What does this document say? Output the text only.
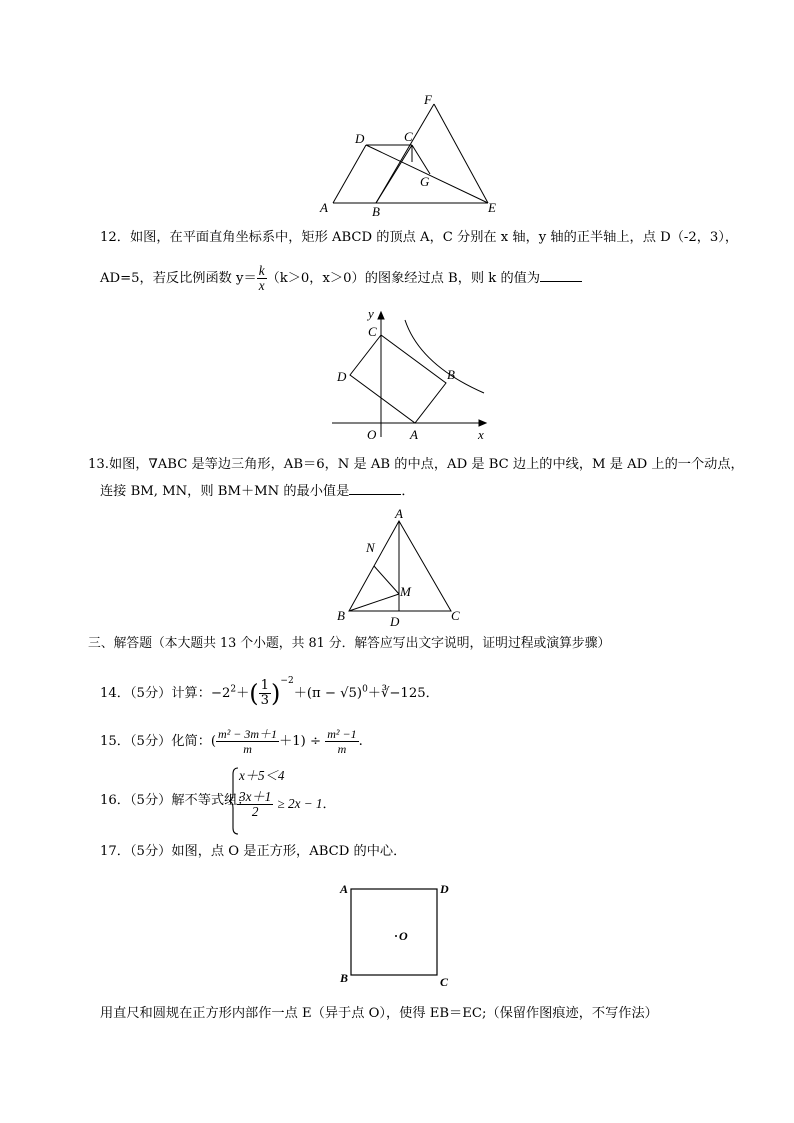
F
D	C
G
A	B	E
12．如图，在平面直角坐标系中，矩形 ABCD 的顶点 A，C 分别在 x 轴，y 轴的正半轴上，点 D（-2，3），
AD=5，若反比例函数 $y= \frac{k}{x} (k>0$，x＞0）的图象经过点 B，则 k 的值为
y
C
D	B
O	A	x
13.如图，∇ABC 是等边三角形，AB＝6，N 是 AB 的中点，AD 是 BC 边上的中线，M 是 AD 上的一个动点，
连接 BM, MN，则 BM＋MN 的最小值是	．
A
N
M
B	D	C
三、解答题（本大题共 13 个小题，共 81 分．解答应写出文字说明，证明过程或演算步骤）
14．（5分）计算：$-2^2+( \frac{1}{3} )^{-2}+(\pi$ − $√5)^0+∛-125$．
15．（5分）化简：( $\frac{\text{m² − 3m＋1}}{m} +1) \div \frac{\text{m² −1}}{m}$ .
16．（5分）解不等式组：
x＋5＜4
$\frac{3x+1}{2} \ge 2x - 1$．
17．（5分）如图，点 O 是正方形，ABCD 的中心．
A	D
O
B	C
用直尺和圆规在正方形内部作一点 E（异于点 O），使得 EB＝EC;（保留作图痕迹，不写作法）
